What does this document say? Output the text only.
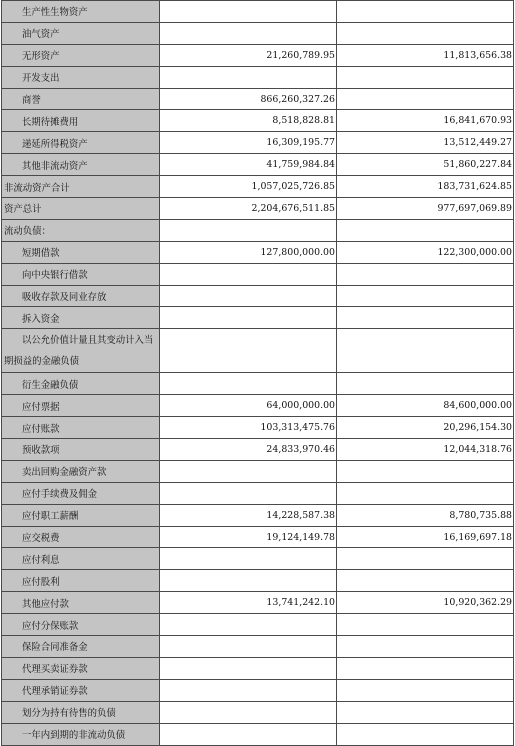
生产性生物资产		
油气资产		
无形资产	21,260,789.95	11,813,656.38
开发支出		
商誉	866,260,327.26	
长期待摊费用	8,518,828.81	16,841,670.93
递延所得税资产	16,309,195.77	13,512,449.27
其他非流动资产	41,759,984.84	51,860,227.84
非流动资产合计	1,057,025,726.85	183,731,624.85
资产总计	2,204,676,511.85	977,697,069.89
流动负债：		
短期借款	127,800,000.00	122,300,000.00
向中央银行借款		
吸收存款及同业存放		
拆入资金		

以公允价值计量且其变动计入当
期损益的金融负债		

衍生金融负债		
应付票据	64,000,000.00	84,600,000.00
应付账款	103,313,475.76	20,296,154.30
预收款项	24,833,970.46	12,044,318.76
卖出回购金融资产款		
应付手续费及佣金		
应付职工薪酬	14,228,587.38	8,780,735.88
应交税费	19,124,149.78	16,169,697.18
应付利息		
应付股利		
其他应付款	13,741,242.10	10,920,362.29
应付分保账款		
保险合同准备金		
代理买卖证券款		
代理承销证券款		
划分为持有待售的负债		
一年内到期的非流动负债		
